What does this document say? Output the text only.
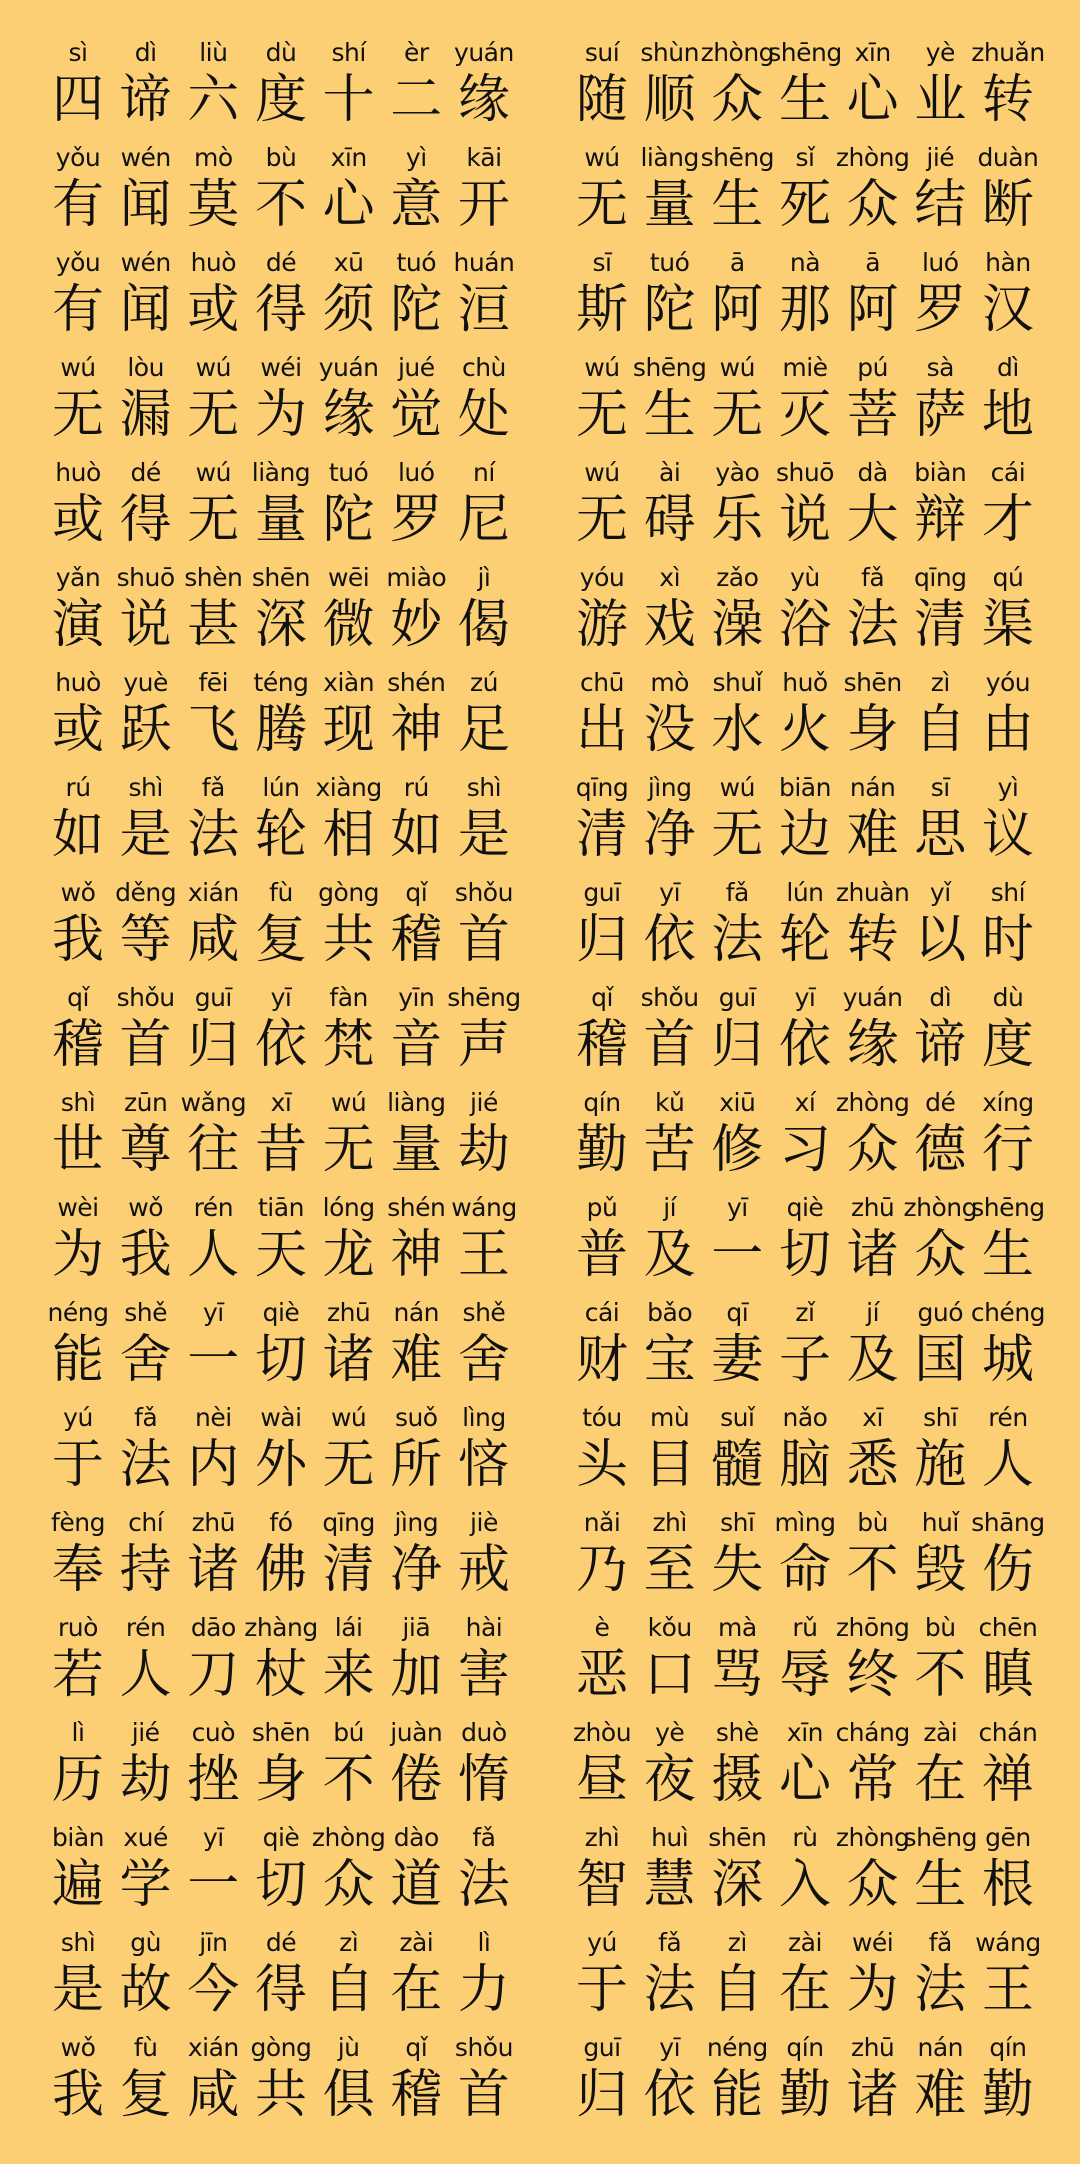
sì
四
dì
谛
liù
六
dù
度
shí
十
èr
二
yuán
缘
suí
随
shùn
顺
zhòng
众
shēng
生
xīn
心
yè
业
zhuǎn
转
yǒu
有
wén
闻
mò
莫
bù
不
xīn
心
yì
意
kāi
开
wú
无
liàng
量
shēng
生
sǐ
死
zhòng
众
jié
结
duàn
断
yǒu
有
wén
闻
huò
或
dé
得
xū
须
tuó
陀
huán
洹
sī
斯
tuó
陀
ā
阿
nà
那
ā
阿
luó
罗
hàn
汉
wú
无
lòu
漏
wú
无
wéi
为
yuán
缘
jué
觉
chù
处
wú
无
shēng
生
wú
无
miè
灭
pú
菩
sà
萨
dì
地
huò
或
dé
得
wú
无
liàng
量
tuó
陀
luó
罗
ní
尼
wú
无
ài
碍
yào
乐
shuō
说
dà
大
biàn
辩
cái
才
yǎn
演
shuō
说
shèn
甚
shēn
深
wēi
微
miào
妙
jì
偈
yóu
游
xì
戏
zǎo
澡
yù
浴
fǎ
法
qīng
清
qú
渠
huò
或
yuè
跃
fēi
飞
téng
腾
xiàn
现
shén
神
zú
足
chū
出
mò
没
shuǐ
水
huǒ
火
shēn
身
zì
自
yóu
由
rú
如
shì
是
fǎ
法
lún
轮
xiàng
相
rú
如
shì
是
qīng
清
jìng
净
wú
无
biān
边
nán
难
sī
思
yì
议
wǒ
我
děng
等
xián
咸
fù
复
gòng
共
qǐ
稽
shǒu
首
guī
归
yī
依
fǎ
法
lún
轮
zhuàn
转
yǐ
以
shí
时
qǐ
稽
shǒu
首
guī
归
yī
依
fàn
梵
yīn
音
shēng
声
qǐ
稽
shǒu
首
guī
归
yī
依
yuán
缘
dì
谛
dù
度
shì
世
zūn
尊
wǎng
往
xī
昔
wú
无
liàng
量
jié
劫
qín
勤
kǔ
苦
xiū
修
xí
习
zhòng
众
dé
德
xíng
行
wèi
为
wǒ
我
rén
人
tiān
天
lóng
龙
shén
神
wáng
王
pǔ
普
jí
及
yī
一
qiè
切
zhū
诸
zhòng
众
shēng
生
néng
能
shě
舍
yī
一
qiè
切
zhū
诸
nán
难
shě
舍
cái
财
bǎo
宝
qī
妻
zǐ
子
jí
及
guó
国
chéng
城
yú
于
fǎ
法
nèi
内
wài
外
wú
无
suǒ
所
lìng
悋
tóu
头
mù
目
suǐ
髓
nǎo
脑
xī
悉
shī
施
rén
人
fèng
奉
chí
持
zhū
诸
fó
佛
qīng
清
jìng
净
jiè
戒
nǎi
乃
zhì
至
shī
失
mìng
命
bù
不
huǐ
毁
shāng
伤
ruò
若
rén
人
dāo
刀
zhàng
杖
lái
来
jiā
加
hài
害
è
恶
kǒu
口
mà
骂
rǔ
辱
zhōng
终
bù
不
chēn
瞋
lì
历
jié
劫
cuò
挫
shēn
身
bú
不
juàn
倦
duò
惰
zhòu
昼
yè
夜
shè
摄
xīn
心
cháng
常
zài
在
chán
禅
biàn
遍
xué
学
yī
一
qiè
切
zhòng
众
dào
道
fǎ
法
zhì
智
huì
慧
shēn
深
rù
入
zhòng
众
shēng
生
gēn
根
shì
是
gù
故
jīn
今
dé
得
zì
自
zài
在
lì
力
yú
于
fǎ
法
zì
自
zài
在
wéi
为
fǎ
法
wáng
王
wǒ
我
fù
复
xián
咸
gòng
共
jù
俱
qǐ
稽
shǒu
首
guī
归
yī
依
néng
能
qín
勤
zhū
诸
nán
难
qín
勤
